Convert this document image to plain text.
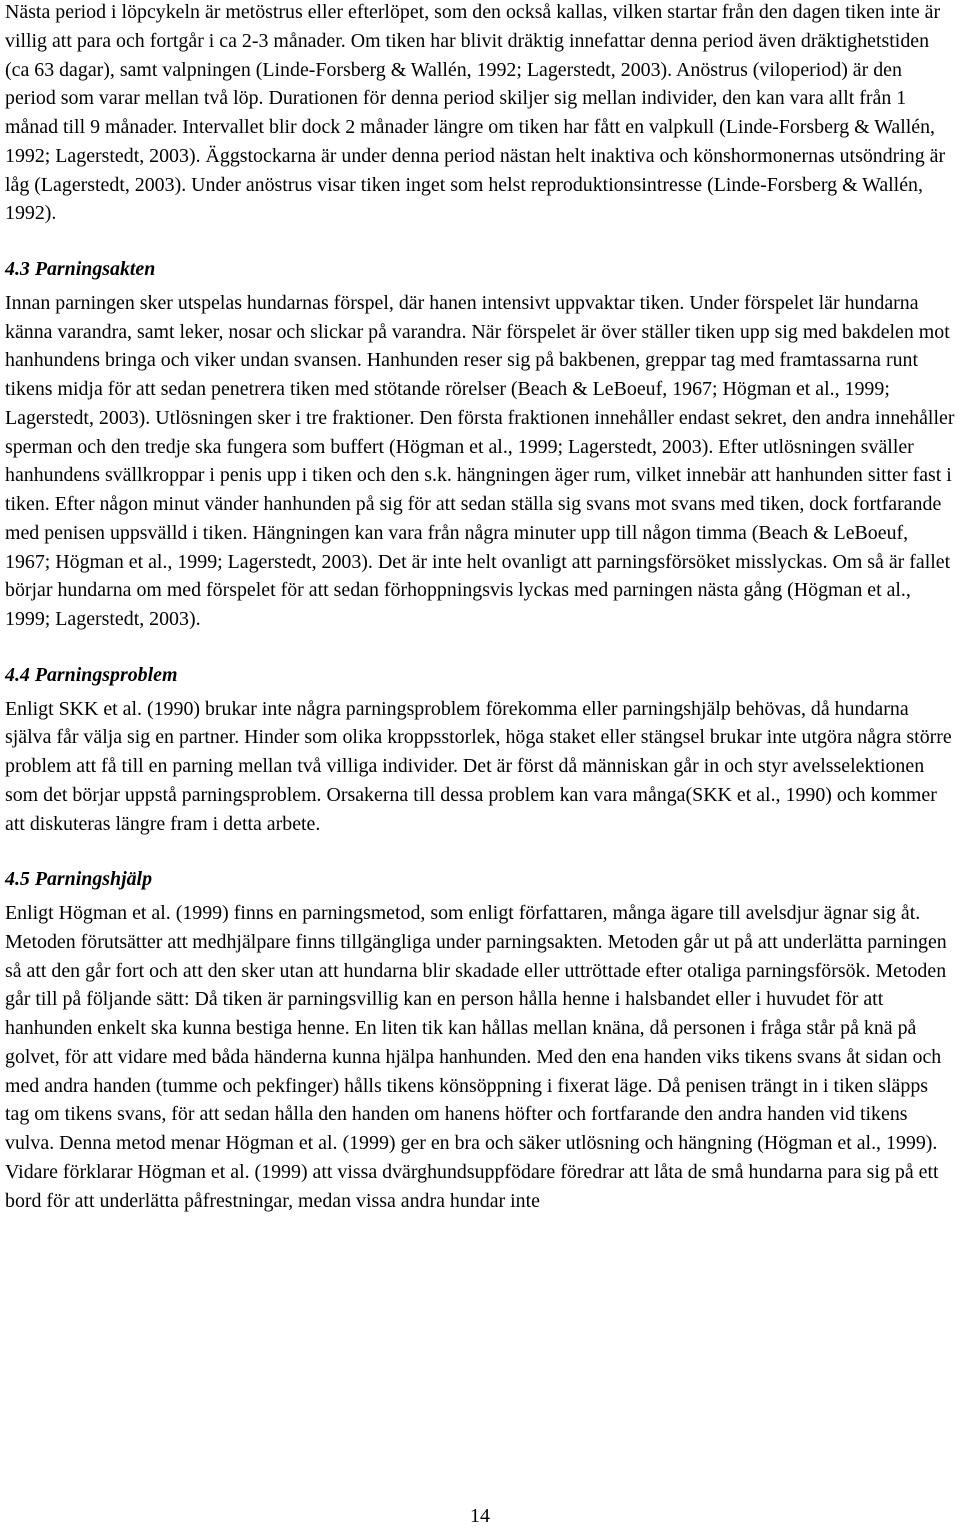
Nästa period i löpcykeln är metöstrus eller efterlöpet, som den också kallas, vilken startar från den dagen tiken inte är villig att para och fortgår i ca 2-3 månader. Om tiken har blivit dräktig innefattar denna period även dräktighetstiden (ca 63 dagar), samt valpningen (Linde-Forsberg & Wallén, 1992; Lagerstedt, 2003). Anöstrus (viloperiod) är den period som varar mellan två löp. Durationen för denna period skiljer sig mellan individer, den kan vara allt från 1 månad till 9 månader. Intervallet blir dock 2 månader längre om tiken har fått en valpkull (Linde-Forsberg & Wallén, 1992; Lagerstedt, 2003). Äggstockarna är under denna period nästan helt inaktiva och könshormonernas utsöndring är låg (Lagerstedt, 2003). Under anöstrus visar tiken inget som helst reproduktionsintresse (Linde-Forsberg & Wallén, 1992).

4.3 Parningsakten

Innan parningen sker utspelas hundarnas förspel, där hanen intensivt uppvaktar tiken. Under förspelet lär hundarna känna varandra, samt leker, nosar och slickar på varandra. När förspelet är över ställer tiken upp sig med bakdelen mot hanhundens bringa och viker undan svansen. Hanhunden reser sig på bakbenen, greppar tag med framtassarna runt tikens midja för att sedan penetrera tiken med stötande rörelser (Beach & LeBoeuf, 1967; Högman et al., 1999; Lagerstedt, 2003). Utlösningen sker i tre fraktioner. Den första fraktionen innehåller endast sekret, den andra innehåller sperman och den tredje ska fungera som buffert (Högman et al., 1999; Lagerstedt, 2003). Efter utlösningen sväller hanhundens svällkroppar i penis upp i tiken och den s.k. hängningen äger rum, vilket innebär att hanhunden sitter fast i tiken. Efter någon minut vänder hanhunden på sig för att sedan ställa sig svans mot svans med tiken, dock fortfarande med penisen uppsvälld i tiken. Hängningen kan vara från några minuter upp till någon timma (Beach & LeBoeuf, 1967; Högman et al., 1999; Lagerstedt, 2003). Det är inte helt ovanligt att parningsförsöket misslyckas. Om så är fallet börjar hundarna om med förspelet för att sedan förhoppningsvis lyckas med parningen nästa gång (Högman et al., 1999; Lagerstedt, 2003).

4.4 Parningsproblem

Enligt SKK et al. (1990) brukar inte några parningsproblem förekomma eller parningshjälp behövas, då hundarna själva får välja sig en partner. Hinder som olika kroppsstorlek, höga staket eller stängsel brukar inte utgöra några större problem att få till en parning mellan två villiga individer. Det är först då människan går in och styr avelsselektionen som det börjar uppstå parningsproblem. Orsakerna till dessa problem kan vara många(SKK et al., 1990) och kommer att diskuteras längre fram i detta arbete.

4.5 Parningshjälp

Enligt Högman et al. (1999) finns en parningsmetod, som enligt författaren, många ägare till avelsdjur ägnar sig åt. Metoden förutsätter att medhjälpare finns tillgängliga under parningsakten. Metoden går ut på att underlätta parningen så att den går fort och att den sker utan att hundarna blir skadade eller uttröttade efter otaliga parningsförsök. Metoden går till på följande sätt: Då tiken är parningsvillig kan en person hålla henne i halsbandet eller i huvudet för att hanhunden enkelt ska kunna bestiga henne. En liten tik kan hållas mellan knäna, då personen i fråga står på knä på golvet, för att vidare med båda händerna kunna hjälpa hanhunden. Med den ena handen viks tikens svans åt sidan och med andra handen (tumme och pekfinger) hålls tikens könsöppning i fixerat läge. Då penisen trängt in i tiken släpps tag om tikens svans, för att sedan hålla den handen om hanens höfter och fortfarande den andra handen vid tikens vulva. Denna metod menar Högman et al. (1999) ger en bra och säker utlösning och hängning (Högman et al., 1999).

Vidare förklarar Högman et al. (1999) att vissa dvärghundsuppfödare föredrar att låta de små hundarna para sig på ett bord för att underlätta påfrestningar, medan vissa andra hundar inte

14
